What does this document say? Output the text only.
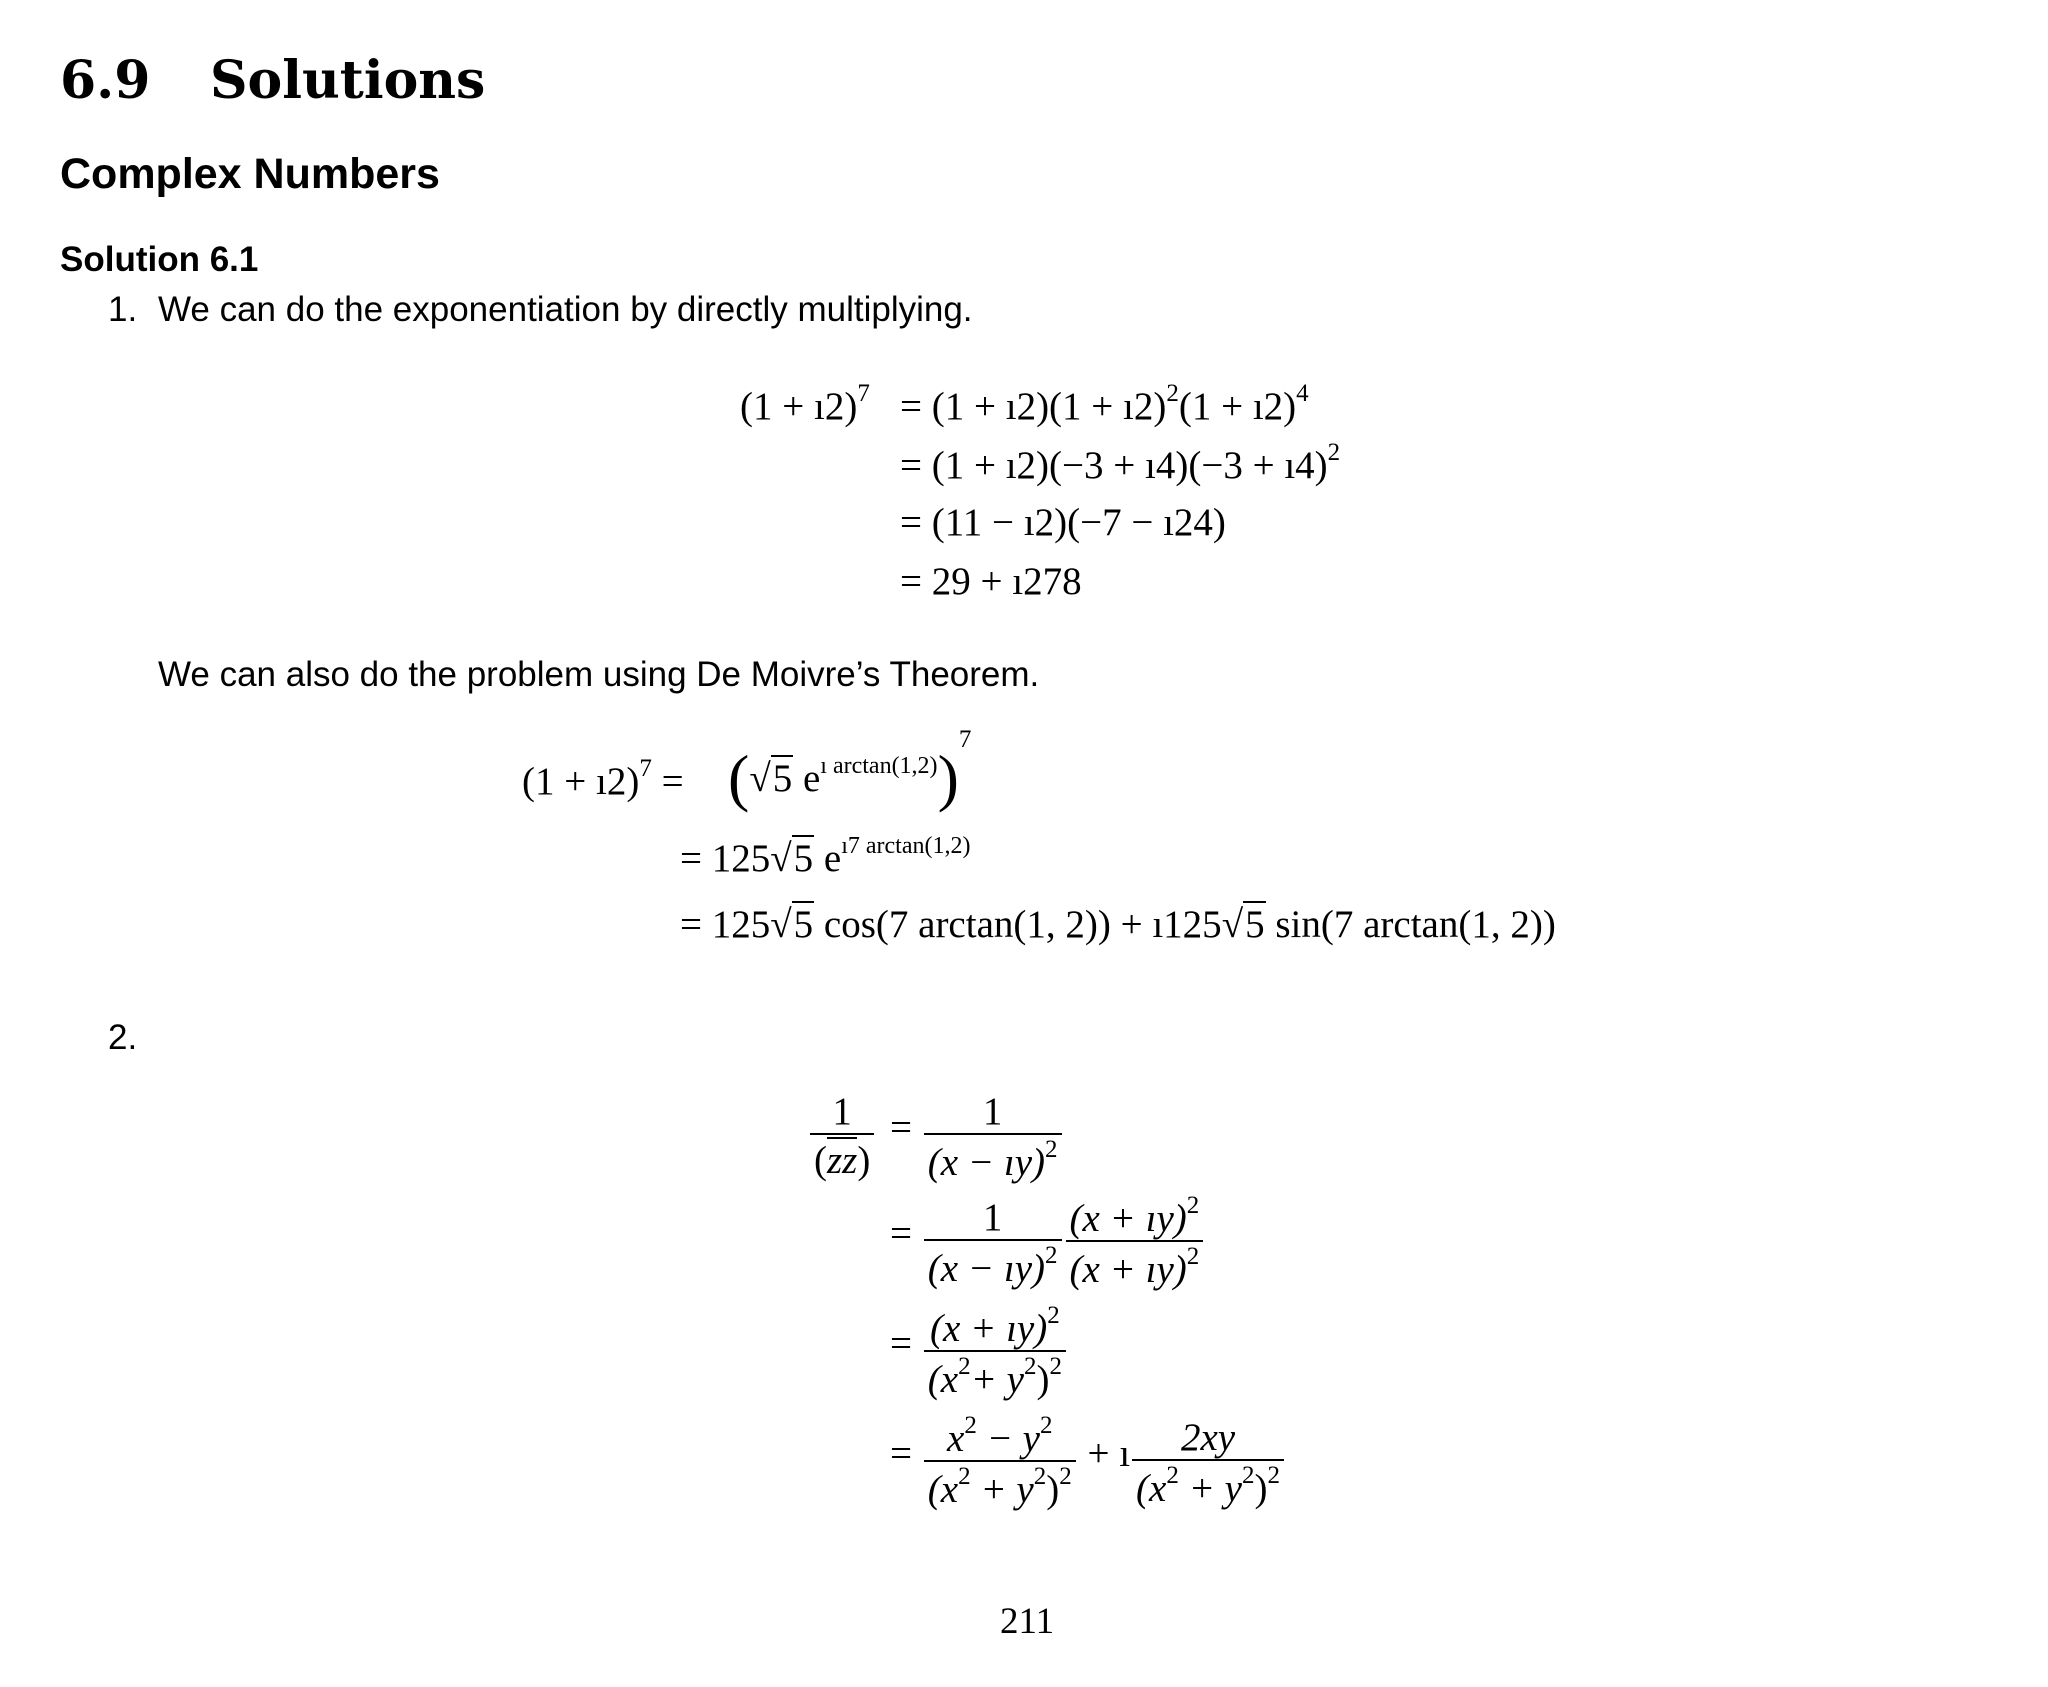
6.9 Solutions
Complex Numbers
Solution 6.1
1. We can do the exponentiation by directly multiplying.
(1 + ı2)$^7$ = (1 + ı2)(1 + ı2)$^2$(1 + ı2)$^4$
= (1 + ı2)(−3 + ı4)(−3 + ı4)$^2$
= (11 − ı2)(−7 − ı24)
= 29 + ı278
We can also do the problem using De Moivre’s Theorem.
(1 + ı2)$^7$ = (√5 $e^{ı arctan(1,2)})^7$
= 125√5 $e^{ı7 arctan(1,2)}$
= 125√5 cos(7 arctan(1, 2)) + ı125√5 sin(7 arctan(1, 2))
2.
$\frac{1}{(zz)} = \frac{1}{(x - ıy)^2}$
= $\frac{1}{(x - ıy)^2} \frac{(x + ıy)^2}{(x + ıy)^2}$
= $\frac{(x + ıy)^2}{(x^2+ y^2)^2}$
= $\frac{x^2 - y^2}{(x^2 + y^2)^2}$ + ı $\frac{2xy}{(x^2 + y^2)^2}$
211
